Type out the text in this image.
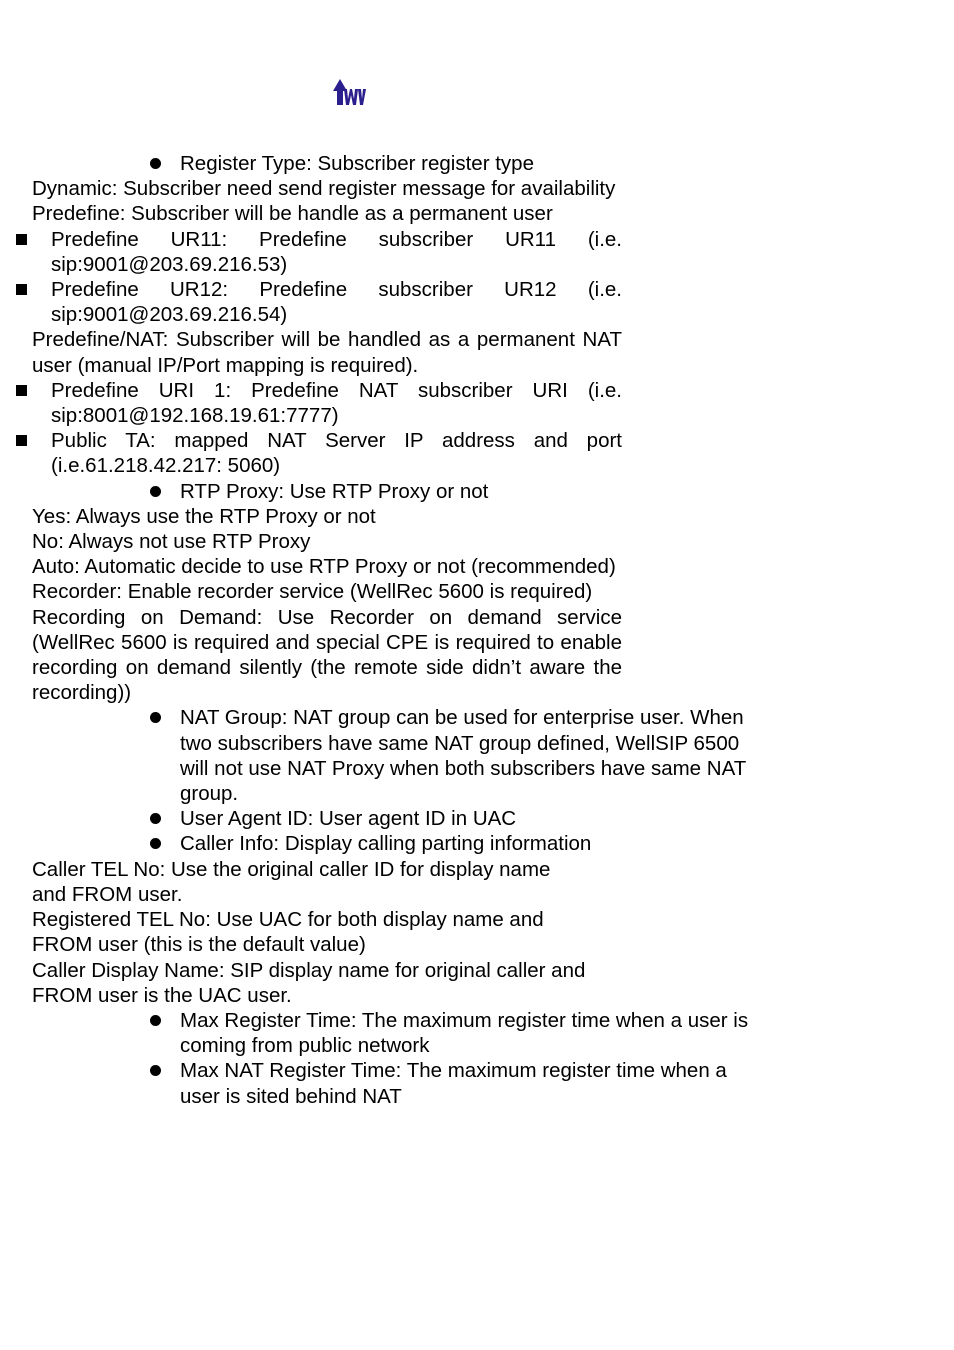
Register Type: Subscriber register type
Dynamic: Subscriber need send register message for availability
Predefine: Subscriber will be handle as a permanent user
Predefine UR11: Predefine subscriber UR11 (i.e. sip:9001@203.69.216.53)
Predefine UR12: Predefine subscriber UR12 (i.e. sip:9001@203.69.216.54)
Predefine/NAT: Subscriber will be handled as a permanent NAT user (manual IP/Port mapping is required).
Predefine URI 1: Predefine NAT subscriber URI (i.e. sip:8001@192.168.19.61:7777)
Public TA: mapped NAT Server IP address and port (i.e.61.218.42.217: 5060)
RTP Proxy: Use RTP Proxy or not
Yes: Always use the RTP Proxy or not
No: Always not use RTP Proxy
Auto: Automatic decide to use RTP Proxy or not (recommended)
Recorder: Enable recorder service (WellRec 5600 is required)
Recording on Demand: Use Recorder on demand service (WellRec 5600 is required and special CPE is required to enable recording on demand silently (the remote side didn’t aware the recording))
NAT Group: NAT group can be used for enterprise user. When
two subscribers have same NAT group defined, WellSIP 6500
will not use NAT Proxy when both subscribers have same NAT
group.
User Agent ID: User agent ID in UAC
Caller Info: Display calling parting information
Caller TEL No: Use the original caller ID for display name
and FROM user.
Registered TEL No: Use UAC for both display name and
FROM user (this is the default value)
Caller Display Name: SIP display name for original caller and
FROM user is the UAC user.
Max Register Time: The maximum register time when a user is
coming from public network
Max NAT Register Time: The maximum register time when a
user is sited behind NAT
